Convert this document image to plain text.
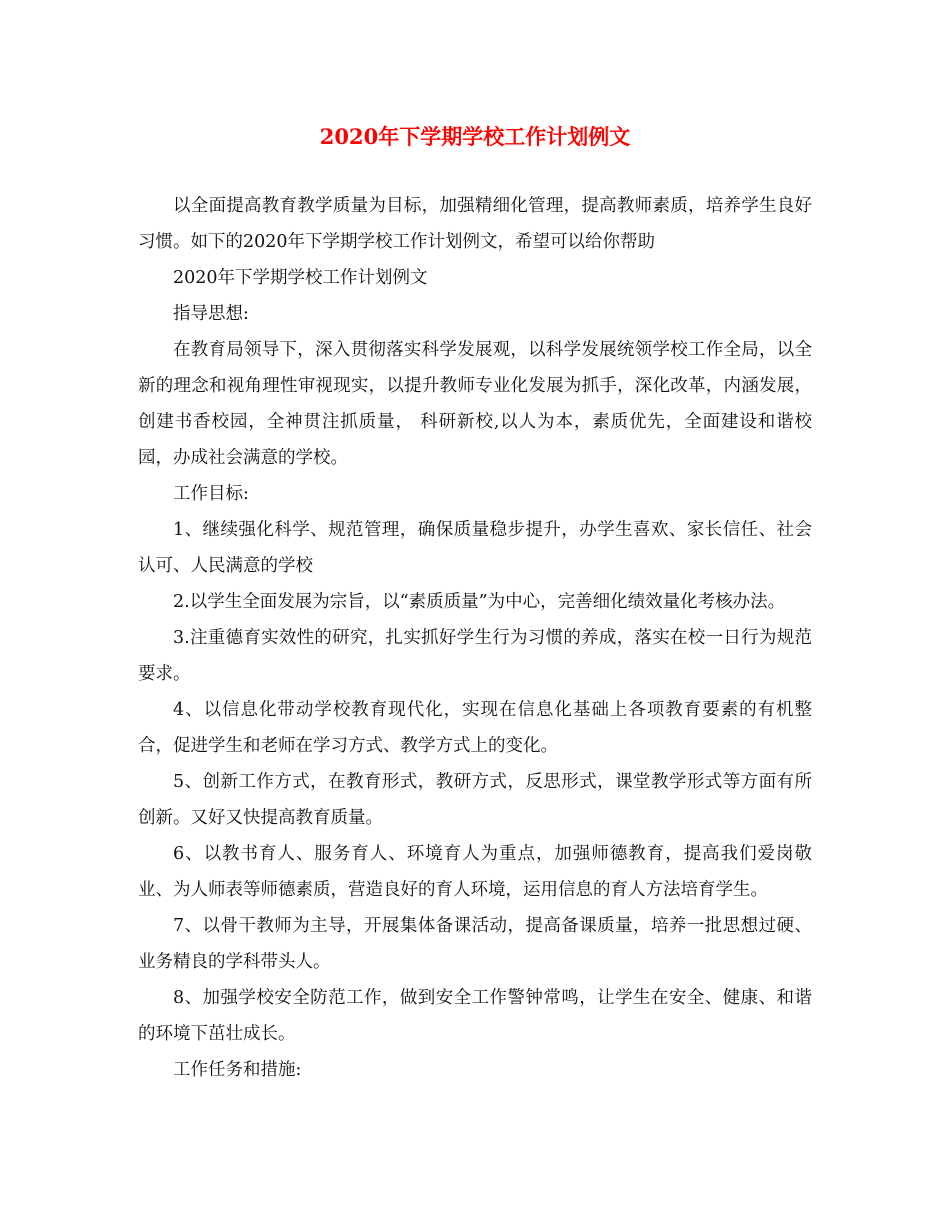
2020年下学期学校工作计划例文

以全面提高教育教学质量为目标，加强精细化管理，提高教师素质，培养学生良好习惯。如下的2020年下学期学校工作计划例文，希望可以给你帮助

2020年下学期学校工作计划例文

指导思想:

在教育局领导下，深入贯彻落实科学发展观，以科学发展统领学校工作全局，以全新的理念和视角理性审视现实，以提升教师专业化发展为抓手，深化改革，内涵发展，创建书香校园，全神贯注抓质量， 科研新校,以人为本，素质优先，全面建设和谐校园，办成社会满意的学校。

工作目标:

1、继续强化科学、规范管理，确保质量稳步提升，办学生喜欢、家长信任、社会认可、人民满意的学校

2.以学生全面发展为宗旨，以“素质质量”为中心，完善细化绩效量化考核办法。

3.注重德育实效性的研究，扎实抓好学生行为习惯的养成，落实在校一日行为规范要求。

4、以信息化带动学校教育现代化，实现在信息化基础上各项教育要素的有机整合，促进学生和老师在学习方式、教学方式上的变化。

5、创新工作方式，在教育形式，教研方式，反思形式，课堂教学形式等方面有所创新。又好又快提高教育质量。

6、以教书育人、服务育人、环境育人为重点，加强师德教育，提高我们爱岗敬业、为人师表等师德素质，营造良好的育人环境，运用信息的育人方法培育学生。

7、以骨干教师为主导，开展集体备课活动，提高备课质量，培养一批思想过硬、业务精良的学科带头人。

8、加强学校安全防范工作，做到安全工作警钟常鸣，让学生在安全、健康、和谐的环境下茁壮成长。

工作任务和措施:
